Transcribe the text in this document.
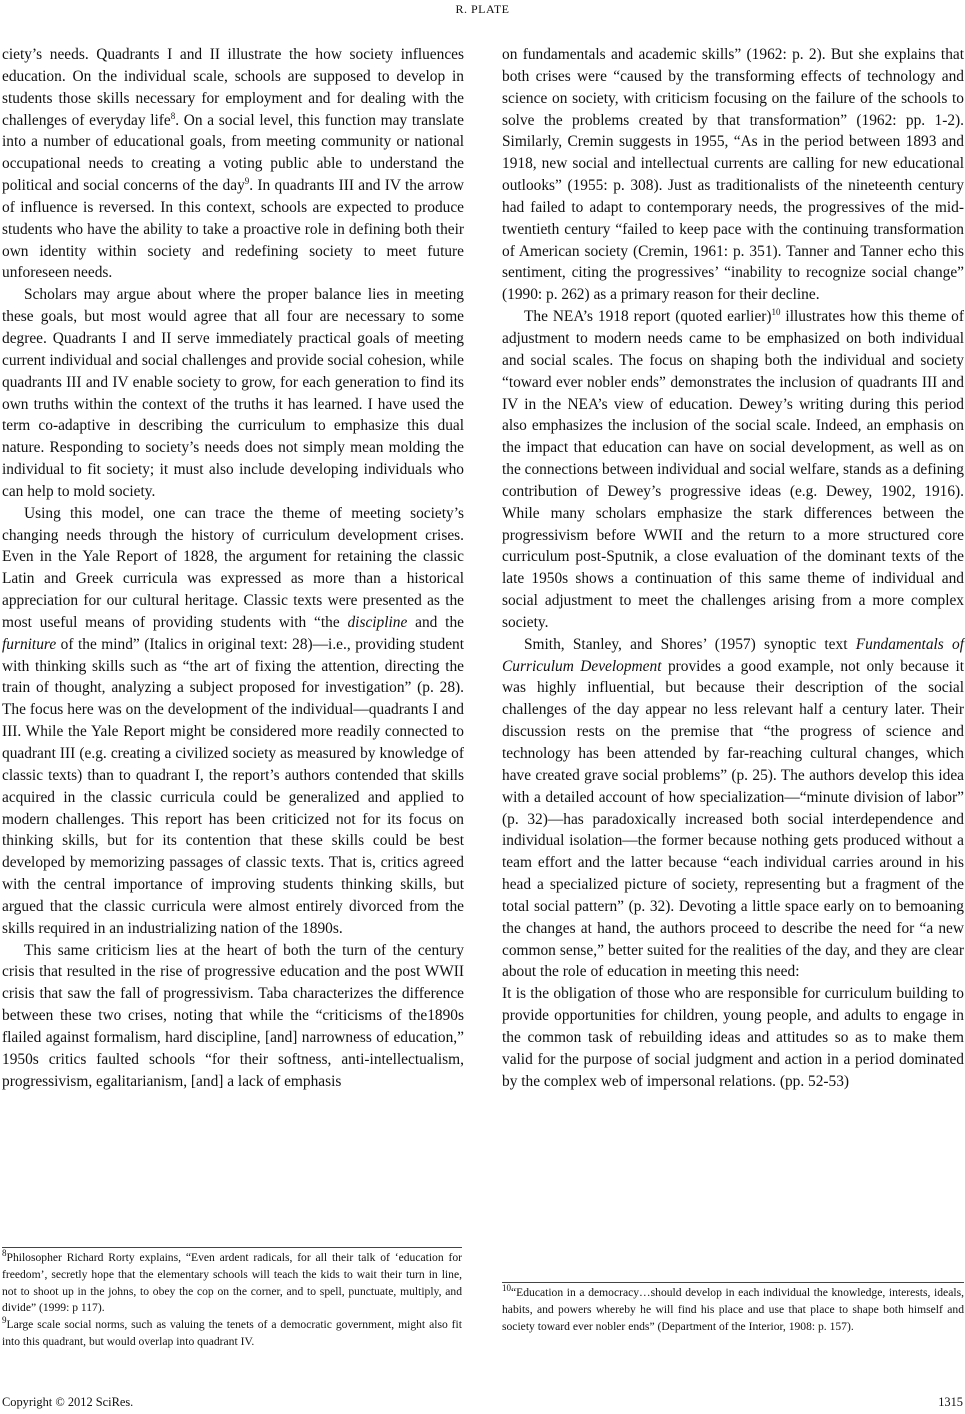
R. PLATE

ciety’s needs. Quadrants I and II illustrate the how society influences education. On the individual scale, schools are supposed to develop in students those skills necessary for employment and for dealing with the challenges of everyday life$^8$. On a social level, this function may translate into a number of educational goals, from meeting community or national occupational needs to creating a voting public able to understand the political and social concerns of the day$^9$. In quadrants III and IV the arrow of influence is reversed. In this context, schools are expected to produce students who have the ability to take a proactive role in defining both their own identity within society and redefining society to meet future unforeseen needs.

Scholars may argue about where the proper balance lies in meeting these goals, but most would agree that all four are necessary to some degree. Quadrants I and II serve immediately practical goals of meeting current individual and social challenges and provide social cohesion, while quadrants III and IV enable society to grow, for each generation to find its own truths within the context of the truths it has learned. I have used the term co-adaptive in describing the curriculum to emphasize this dual nature. Responding to society’s needs does not simply mean molding the individual to fit society; it must also include developing individuals who can help to mold society.

Using this model, one can trace the theme of meeting society’s changing needs through the history of curriculum development crises. Even in the Yale Report of 1828, the argument for retaining the classic Latin and Greek curricula was expressed as more than a historical appreciation for our cultural heritage. Classic texts were presented as the most useful means of providing students with “the discipline and the furniture of the mind” (Italics in original text: 28)—i.e., providing student with thinking skills such as “the art of fixing the attention, directing the train of thought, analyzing a subject proposed for investigation” (p. 28). The focus here was on the development of the individual—quadrants I and III. While the Yale Report might be considered more readily connected to quadrant III (e.g. creating a civilized society as measured by knowledge of classic texts) than to quadrant I, the report’s authors contended that skills acquired in the classic curricula could be generalized and applied to modern challenges. This report has been criticized not for its focus on thinking skills, but for its contention that these skills could be best developed by memorizing passages of classic texts. That is, critics agreed with the central importance of improving students thinking skills, but argued that the classic curricula were almost entirely divorced from the skills required in an industrializing nation of the 1890s.

This same criticism lies at the heart of both the turn of the century crisis that resulted in the rise of progressive education and the post WWII crisis that saw the fall of progressivism. Taba characterizes the difference between these two crises, noting that while the “criticisms of the1890s flailed against formalism, hard discipline, [and] narrowness of education,” 1950s critics faulted schools “for their softness, anti-intellectualism, progressivism, egalitarianism, [and] a lack of emphasis

on fundamentals and academic skills” (1962: p. 2). But she explains that both crises were “caused by the transforming effects of technology and science on society, with criticism focusing on the failure of the schools to solve the problems created by that transformation” (1962: pp. 1-2). Similarly, Cremin suggests in 1955, “As in the period between 1893 and 1918, new social and intellectual currents are calling for new educational outlooks” (1955: p. 308). Just as traditionalists of the nineteenth century had failed to adapt to contemporary needs, the progressives of the mid-twentieth century “failed to keep pace with the continuing transformation of American society (Cremin, 1961: p. 351). Tanner and Tanner echo this sentiment, citing the progressives’ “inability to recognize social change” (1990: p. 262) as a primary reason for their decline.

The NEA’s 1918 report (quoted earlier)$^{10}$ illustrates how this theme of adjustment to modern needs came to be emphasized on both individual and social scales. The focus on shaping both the individual and society “toward ever nobler ends” demonstrates the inclusion of quadrants III and IV in the NEA’s view of education. Dewey’s writing during this period also emphasizes the inclusion of the social scale. Indeed, an emphasis on the impact that education can have on social development, as well as on the connections between individual and social welfare, stands as a defining contribution of Dewey’s progressive ideas (e.g. Dewey, 1902, 1916). While many scholars emphasize the stark differences between the progressivism before WWII and the return to a more structured core curriculum post-Sputnik, a close evaluation of the dominant texts of the late 1950s shows a continuation of this same theme of individual and social adjustment to meet the challenges arising from a more complex society.

Smith, Stanley, and Shores’ (1957) synoptic text Fundamentals of Curriculum Development provides a good example, not only because it was highly influential, but because their description of the social challenges of the day appear no less relevant half a century later. Their discussion rests on the premise that “the progress of science and technology has been attended by far-reaching cultural changes, which have created grave social problems” (p. 25). The authors develop this idea with a detailed account of how specialization—“minute division of labor” (p. 32)—has paradoxically increased both social interdependence and individual isolation—the former because nothing gets produced without a team effort and the latter because “each individual carries around in his head a specialized picture of society, representing but a fragment of the total social pattern” (p. 32). Devoting a little space early on to bemoaning the changes at hand, the authors proceed to describe the need for “a new common sense,” better suited for the realities of the day, and they are clear about the role of education in meeting this need:

It is the obligation of those who are responsible for curriculum building to provide opportunities for children, young people, and adults to engage in the common task of rebuilding ideas and attitudes so as to make them valid for the purpose of social judgment and action in a period dominated by the complex web of impersonal relations. (pp. 52-53)

$^8$Philosopher Richard Rorty explains, “Even ardent radicals, for all their talk of ‘education for freedom’, secretly hope that the elementary schools will teach the kids to wait their turn in line, not to shoot up in the johns, to obey the cop on the corner, and to spell, punctuate, multiply, and divide” (1999: p 117).

$^9$Large scale social norms, such as valuing the tenets of a democratic government, might also fit into this quadrant, but would overlap into quadrant IV.

$^{10}$“Education in a democracy…should develop in each individual the knowledge, interests, ideals, habits, and powers whereby he will find his place and use that place to shape both himself and society toward ever nobler ends” (Department of the Interior, 1908: p. 157).

Copyright © 2012 SciRes.	1315
